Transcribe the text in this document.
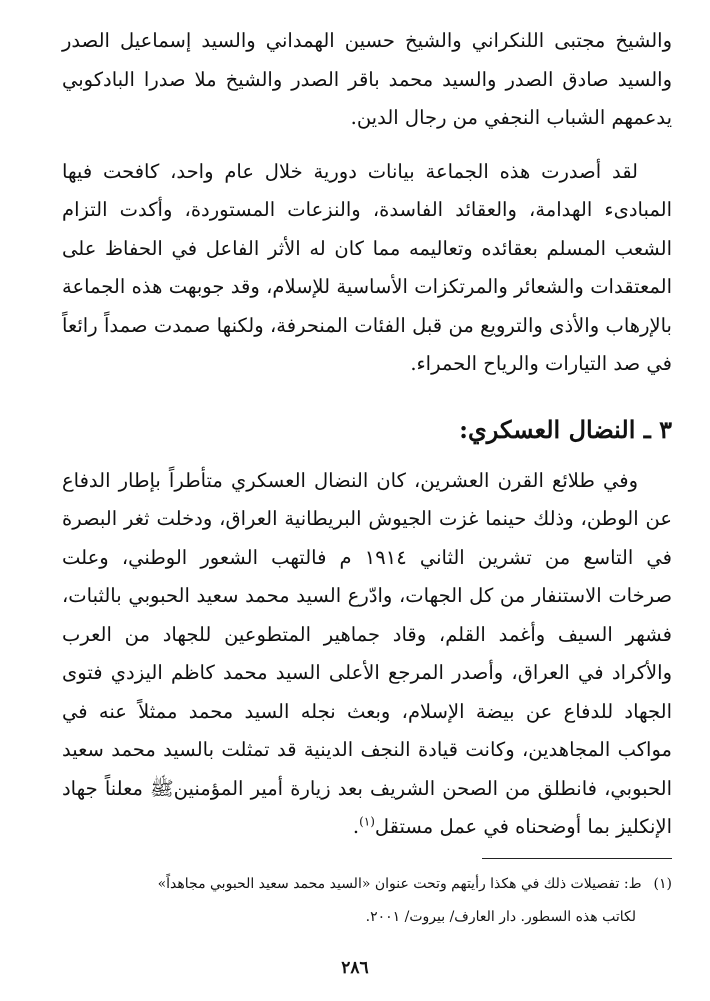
والشيخ مجتبى اللنكراني والشيخ حسين الهمداني والسيد إسماعيل الصدر والسيد صادق الصدر والسيد محمد باقر الصدر والشيخ ملا صدرا البادكوبي يدعمهم الشباب النجفي من رجال الدين.

لقد أصدرت هذه الجماعة بيانات دورية خلال عام واحد، كافحت فيها المبادىء الهدامة، والعقائد الفاسدة، والنزعات المستوردة، وأكدت التزام الشعب المسلم بعقائده وتعاليمه مما كان له الأثر الفاعل في الحفاظ على المعتقدات والشعائر والمرتكزات الأساسية للإسلام، وقد جوبهت هذه الجماعة بالإرهاب والأذى والترويع من قبل الفئات المنحرفة، ولكنها صمدت صمداً رائعاً في صد التيارات والرياح الحمراء.

٣ ـ النضال العسكري:

وفي طلائع القرن العشرين، كان النضال العسكري متأطراً بإطار الدفاع عن الوطن، وذلك حينما غزت الجيوش البريطانية العراق، ودخلت ثغر البصرة في التاسع من تشرين الثاني ١٩١٤ م فالتهب الشعور الوطني، وعلت صرخات الاستنفار من كل الجهات، وادّرع السيد محمد سعيد الحبوبي بالثبات، فشهر السيف وأغمد القلم، وقاد جماهير المتطوعين للجهاد من العرب والأكراد في العراق، وأصدر المرجع الأعلى السيد محمد كاظم اليزدي فتوى الجهاد للدفاع عن بيضة الإسلام، وبعث نجله السيد محمد ممثلاً عنه في مواكب المجاهدين، وكانت قيادة النجف الدينية قد تمثلت بالسيد محمد سعيد الحبوبي، فانطلق من الصحن الشريف بعد زيارة أمير المؤمنينﷺ معلناً جهاد الإنكليز بما أوضحناه في عمل مستقل$^{(١)}$.

(١)ط: تفصيلات ذلك في هكذا رأيتهم وتحت عنوان «السيد محمد سعيد الحبوبي مجاهداً»

لكاتب هذه السطور. دار العارف/ بيروت/ ٢٠٠١.

٢٨٦
